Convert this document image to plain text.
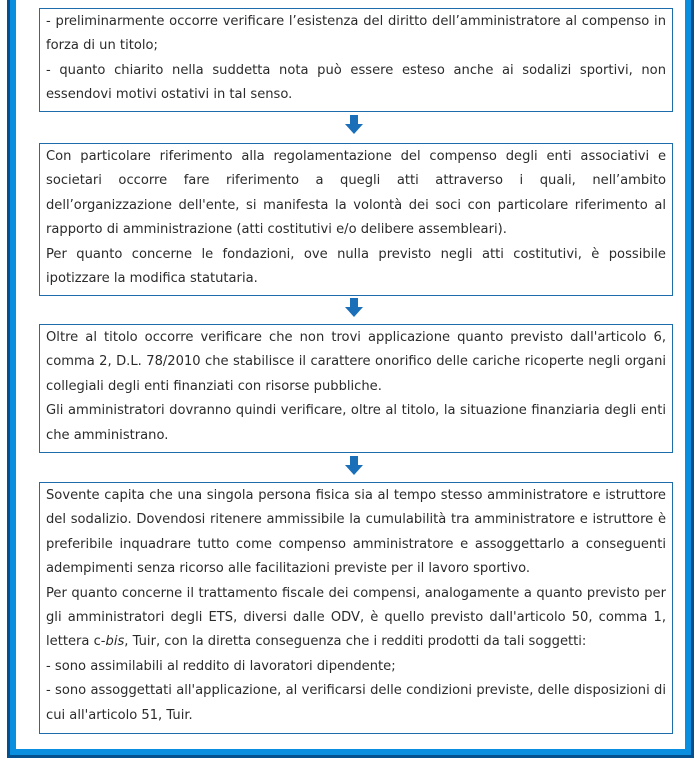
- preliminarmente occorre verificare l’esistenza del diritto dell’amministratore al compenso in forza di un titolo;

- quanto chiarito nella suddetta nota può essere esteso anche ai sodalizi sportivi, non essendovi motivi ostativi in tal senso.

Con particolare riferimento alla regolamentazione del compenso degli enti associativi e societari occorre fare riferimento a quegli atti attraverso i quali, nell’ambito dell’organizzazione dell'ente, si manifesta la volontà dei soci con particolare riferimento al rapporto di amministrazione (atti costitutivi e/o delibere assembleari).

Per quanto concerne le fondazioni, ove nulla previsto negli atti costitutivi, è possibile ipotizzare la modifica statutaria.

Oltre al titolo occorre verificare che non trovi applicazione quanto previsto dall'articolo 6, comma 2, D.L. 78/2010 che stabilisce il carattere onorifico delle cariche ricoperte negli organi collegiali degli enti finanziati con risorse pubbliche.

Gli amministratori dovranno quindi verificare, oltre al titolo, la situazione finanziaria degli enti che amministrano.

Sovente capita che una singola persona fisica sia al tempo stesso amministratore e istruttore del sodalizio. Dovendosi ritenere ammissibile la cumulabilità tra amministratore e istruttore è preferibile inquadrare tutto come compenso amministratore e assoggettarlo a conseguenti adempimenti senza ricorso alle facilitazioni previste per il lavoro sportivo.

Per quanto concerne il trattamento fiscale dei compensi, analogamente a quanto previsto per gli amministratori degli ETS, diversi dalle ODV, è quello previsto dall'articolo 50, comma 1, lettera c-bis, Tuir, con la diretta conseguenza che i redditi prodotti da tali soggetti:

- sono assimilabili al reddito di lavoratori dipendente;

- sono assoggettati all'applicazione, al verificarsi delle condizioni previste, delle disposizioni di cui all'articolo 51, Tuir.
